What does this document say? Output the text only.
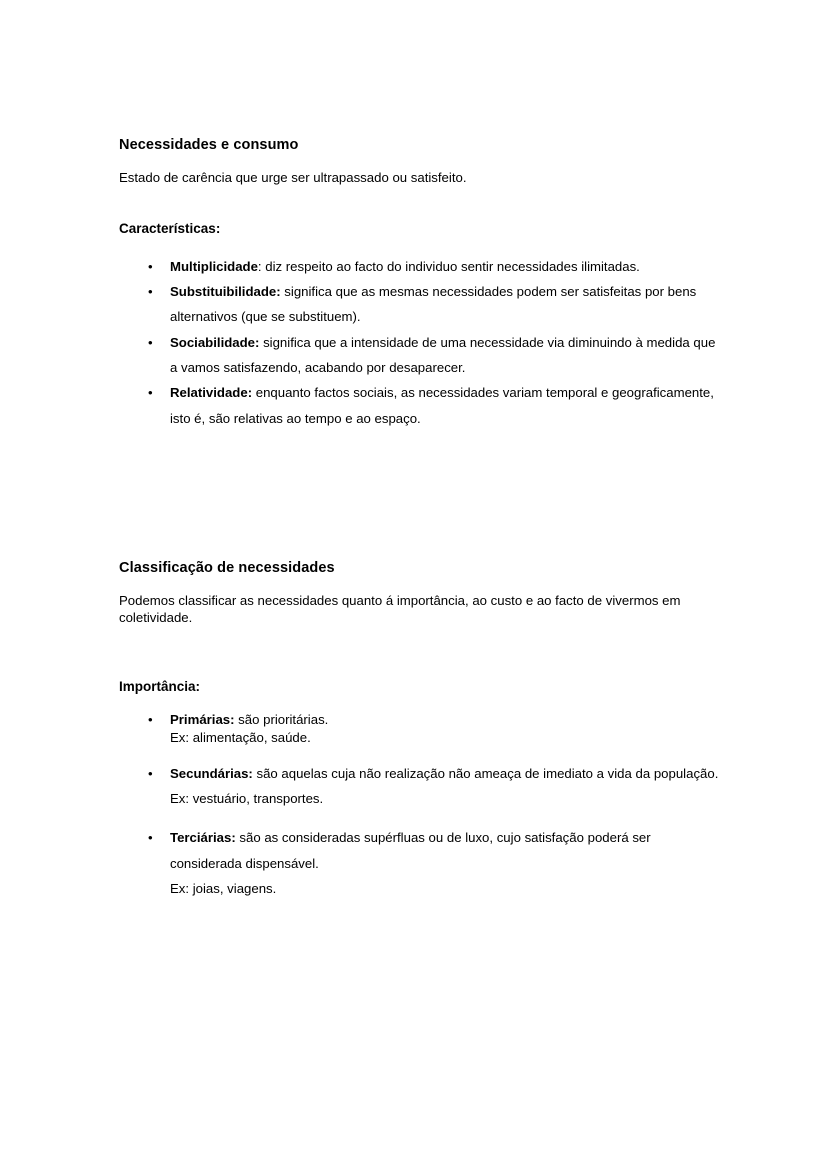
Necessidades e consumo

Estado de carência que urge ser ultrapassado ou satisfeito.

Características:
• Multiplicidade: diz respeito ao facto do individuo sentir necessidades ilimitadas.
• Substituibilidade: significa que as mesmas necessidades podem ser satisfeitas por bens alternativos (que se substituem).
• Sociabilidade: significa que a intensidade de uma necessidade via diminuindo à medida que a vamos satisfazendo, acabando por desaparecer.
• Relatividade: enquanto factos sociais, as necessidades variam temporal e geograficamente, isto é, são relativas ao tempo e ao espaço.
Classificação de necessidades

Podemos classificar as necessidades quanto á importância, ao custo e ao facto de vivermos em coletividade.

Importância:
• Primárias: são prioritárias.
Ex: alimentação, saúde.
• Secundárias: são aquelas cuja não realização não ameaça de imediato a vida da população.
Ex: vestuário, transportes.
• Terciárias: são as consideradas supérfluas ou de luxo, cujo satisfação poderá ser considerada dispensável.
Ex: joias, viagens.
